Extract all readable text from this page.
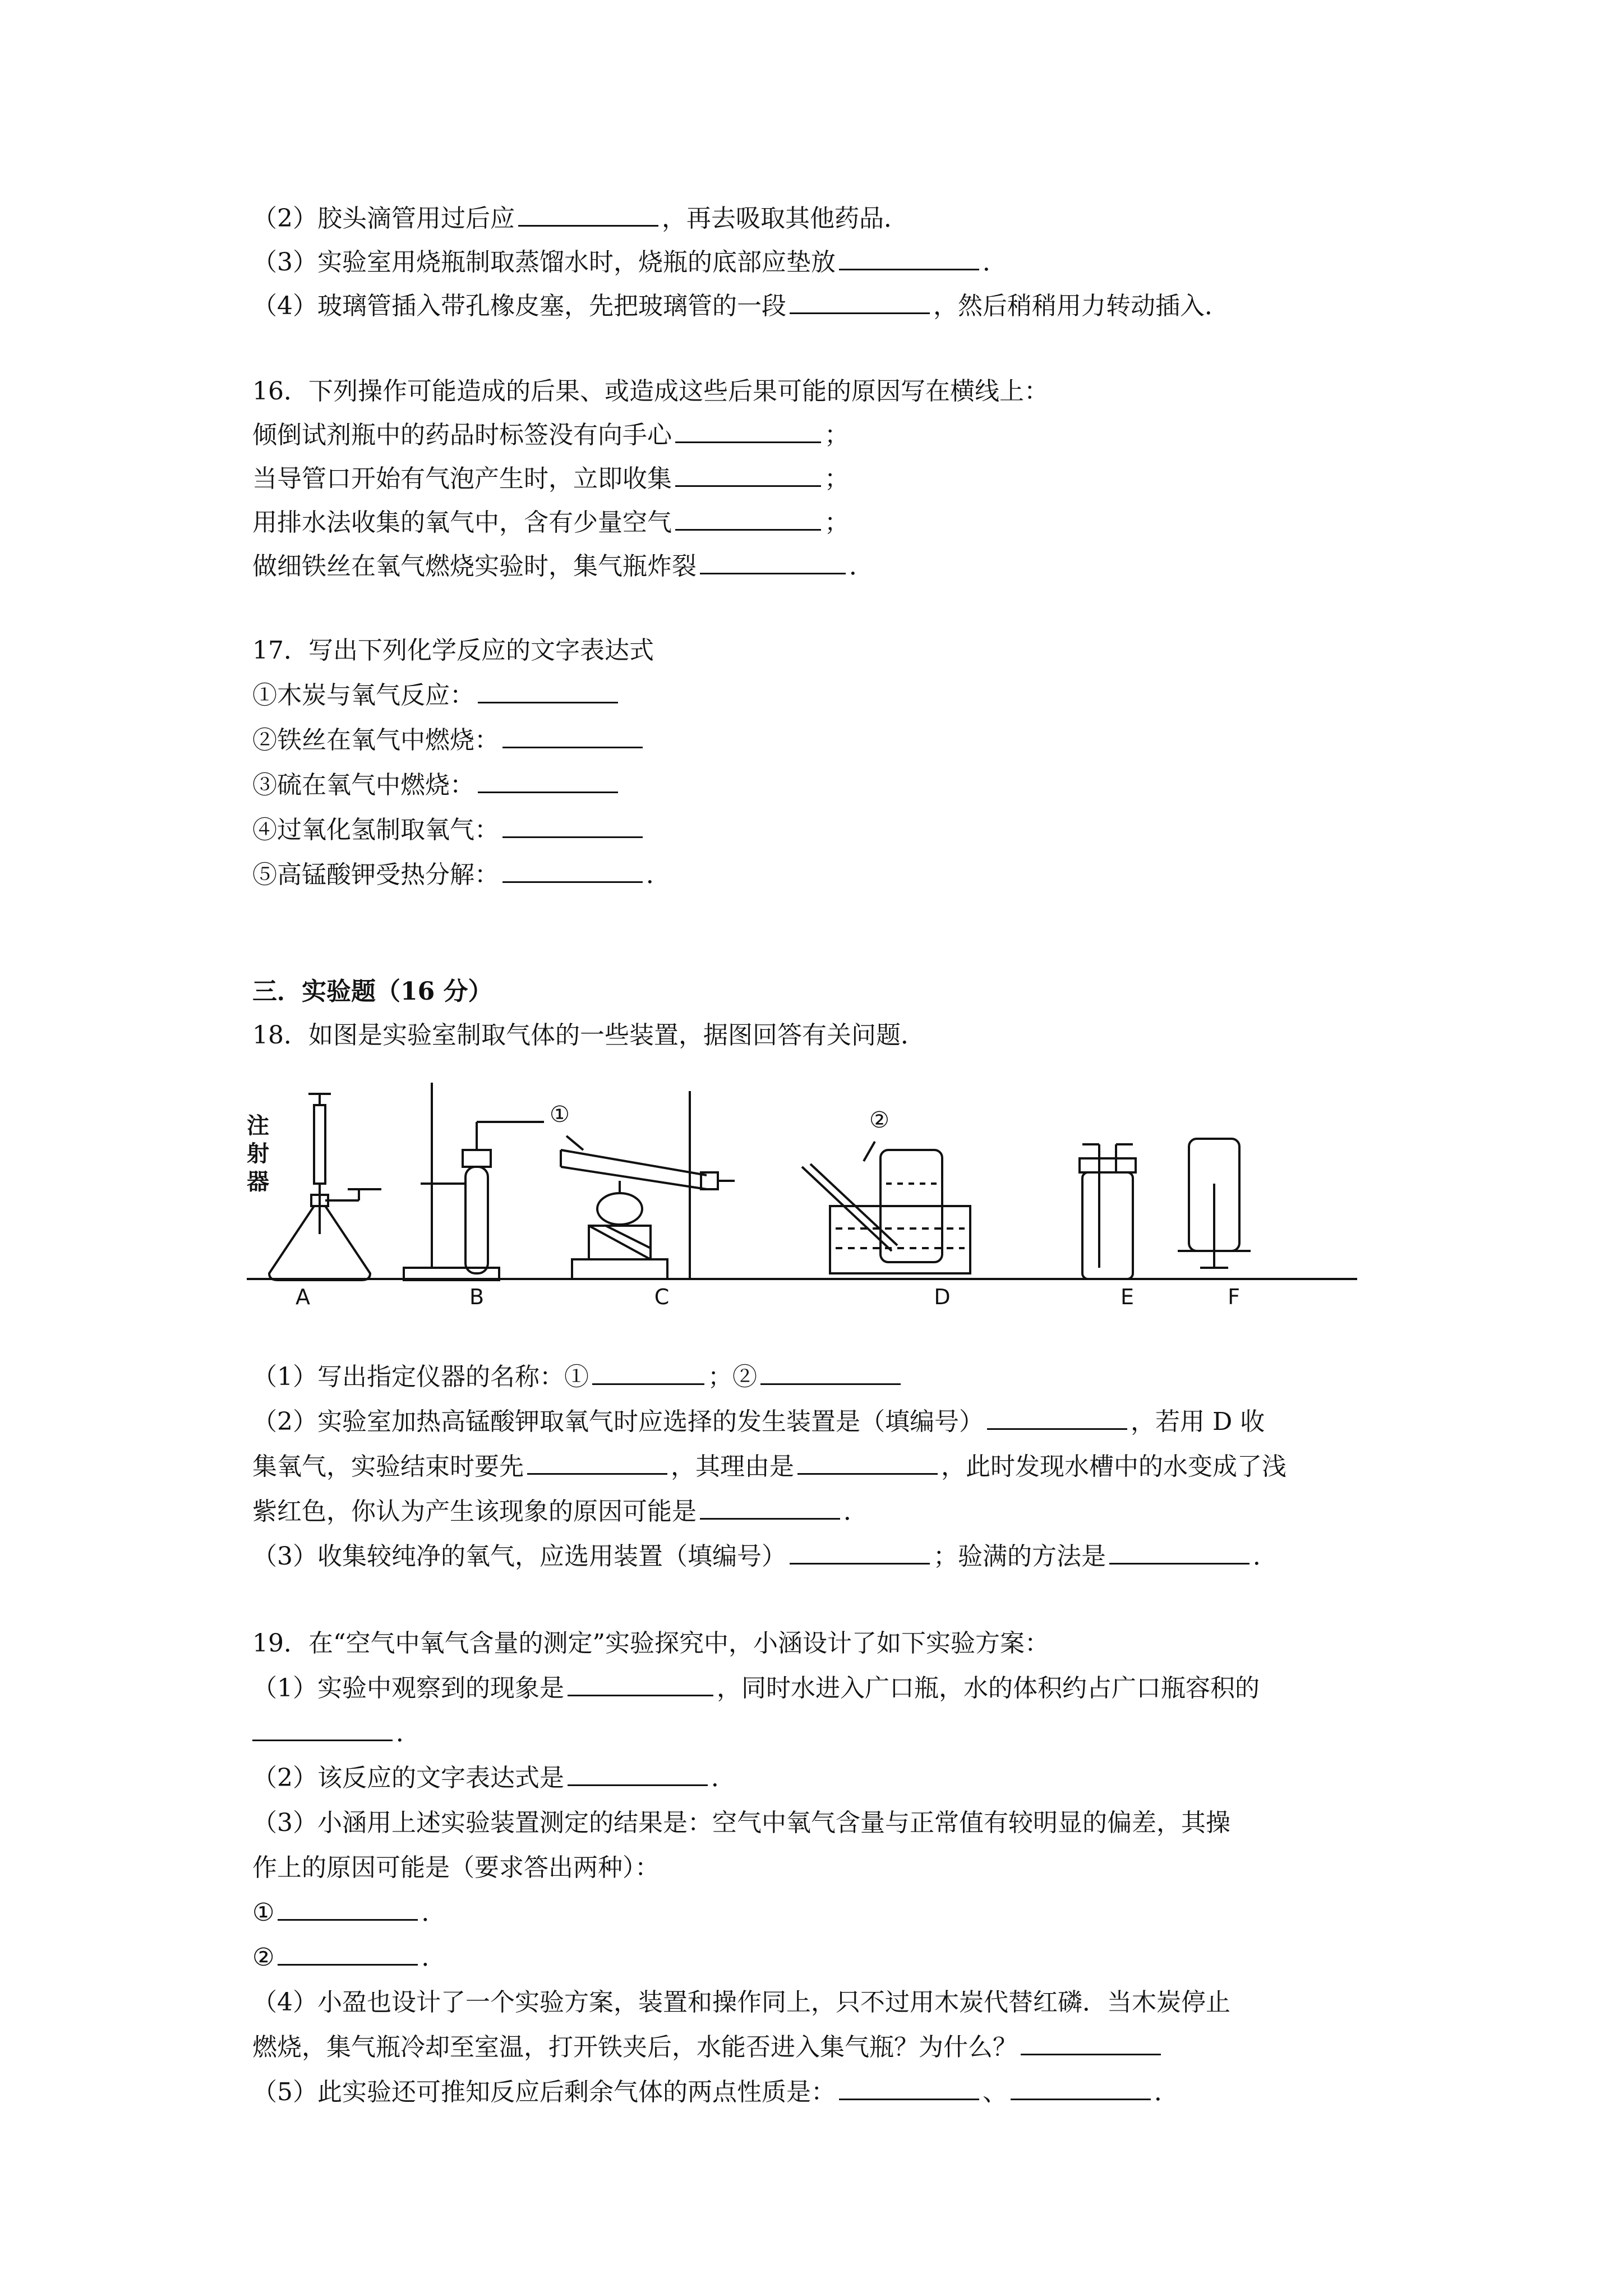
（2）胶头滴管用过后应	，再去吸取其他药品．
（3）实验室用烧瓶制取蒸馏水时，烧瓶的底部应垫放	．
（4）玻璃管插入带孔橡皮塞，先把玻璃管的一段	，然后稍稍用力转动插入．
16．下列操作可能造成的后果、或造成这些后果可能的原因写在横线上：
倾倒试剂瓶中的药品时标签没有向手心	；
当导管口开始有气泡产生时，立即收集	；
用排水法收集的氧气中，含有少量空气	；
做细铁丝在氧气燃烧实验时，集气瓶炸裂	．
17．写出下列化学反应的文字表达式
①木炭与氧气反应：
②铁丝在氧气中燃烧：
③硫在氧气中燃烧：
④过氧化氢制取氧气：
⑤高锰酸钾受热分解：	．
三．实验题（16 分）
18．如图是实验室制取气体的一些装置，据图回答有关问题．
注
射
器
①	②
A	B	C	D	E	F
（1）写出指定仪器的名称：①	；②
（2）实验室加热高锰酸钾取氧气时应选择的发生装置是（填编号）	，若用 D 收
集氧气，实验结束时要先	，其理由是	，此时发现水槽中的水变成了浅
紫红色，你认为产生该现象的原因可能是	．
（3）收集较纯净的氧气，应选用装置（填编号）	；验满的方法是	．
19．在“空气中氧气含量的测定”实验探究中，小涵设计了如下实验方案：
（1）实验中观察到的现象是	，同时水进入广口瓶，水的体积约占广口瓶容积的
．
（2）该反应的文字表达式是	．
（3）小涵用上述实验装置测定的结果是：空气中氧气含量与正常值有较明显的偏差，其操
作上的原因可能是（要求答出两种）：
①	．
②	．
（4）小盈也设计了一个实验方案，装置和操作同上，只不过用木炭代替红磷．当木炭停止
燃烧，集气瓶冷却至室温，打开铁夹后，水能否进入集气瓶？为什么？
（5）此实验还可推知反应后剩余气体的两点性质是：	、	．
